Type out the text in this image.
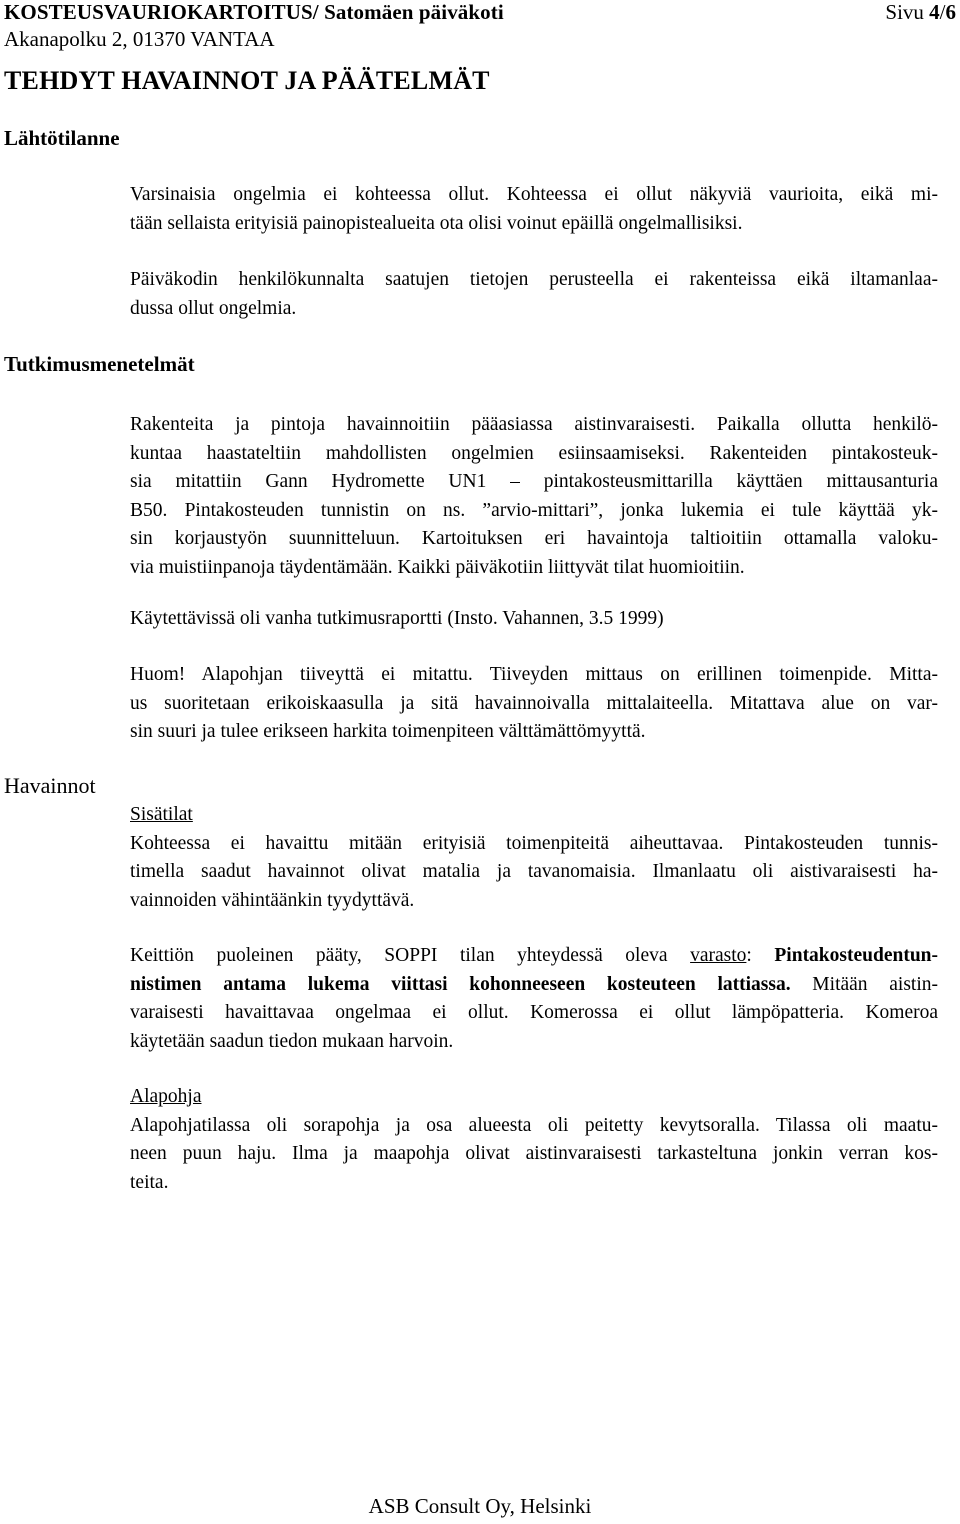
KOSTEUSVAURIOKARTOITUS/ Satomäen päiväkoti	Sivu 4/6
Akanapolku 2, 01370 VANTAA
TEHDYT HAVAINNOT JA PÄÄTELMÄT
Lähtötilanne
Varsinaisia ongelmia ei kohteessa ollut. Kohteessa ei ollut näkyviä vaurioita, eikä mi-
tään sellaista erityisiä painopistealueita ota olisi voinut epäillä ongelmallisiksi.
Päiväkodin henkilökunnalta saatujen tietojen perusteella ei rakenteissa eikä iltamanlaa-
dussa ollut ongelmia.
Tutkimusmenetelmät
Rakenteita ja pintoja havainnoitiin pääasiassa aistinvaraisesti. Paikalla ollutta henkilö-
kuntaa haastateltiin mahdollisten ongelmien esiinsaamiseksi. Rakenteiden pintakosteuk-
sia mitattiin Gann Hydromette UN1 – pintakosteusmittarilla käyttäen mittausanturia
B50. Pintakosteuden tunnistin on ns. ”arvio-mittari”, jonka lukemia ei tule käyttää yk-
sin korjaustyön suunnitteluun. Kartoituksen eri havaintoja taltioitiin ottamalla valoku-
via muistiinpanoja täydentämään. Kaikki päiväkotiin liittyvät tilat huomioitiin.
Käytettävissä oli vanha tutkimusraportti (Insto. Vahannen, 3.5 1999)
Huom! Alapohjan tiiveyttä ei mitattu. Tiiveyden mittaus on erillinen toimenpide. Mitta-
us suoritetaan erikoiskaasulla ja sitä havainnoivalla mittalaiteella. Mitattava alue on var-
sin suuri ja tulee erikseen harkita toimenpiteen välttämättömyyttä.
Havainnot
Sisätilat
Kohteessa ei havaittu mitään erityisiä toimenpiteitä aiheuttavaa. Pintakosteuden tunnis-
timella saadut havainnot olivat matalia ja tavanomaisia. Ilmanlaatu oli aistivaraisesti ha-
vainnoiden vähintäänkin tyydyttävä.
Keittiön puoleinen pääty, SOPPI tilan yhteydessä oleva varasto: Pintakosteudentun-
nistimen antama lukema viittasi kohonneeseen kosteuteen lattiassa. Mitään aistin-
varaisesti havaittavaa ongelmaa ei ollut. Komerossa ei ollut lämpöpatteria. Komeroa
käytetään saadun tiedon mukaan harvoin.
Alapohja
Alapohjatilassa oli sorapohja ja osa alueesta oli peitetty kevytsoralla. Tilassa oli maatu-
neen puun haju. Ilma ja maapohja olivat aistinvaraisesti tarkasteltuna jonkin verran kos-
teita.
ASB Consult Oy, Helsinki
